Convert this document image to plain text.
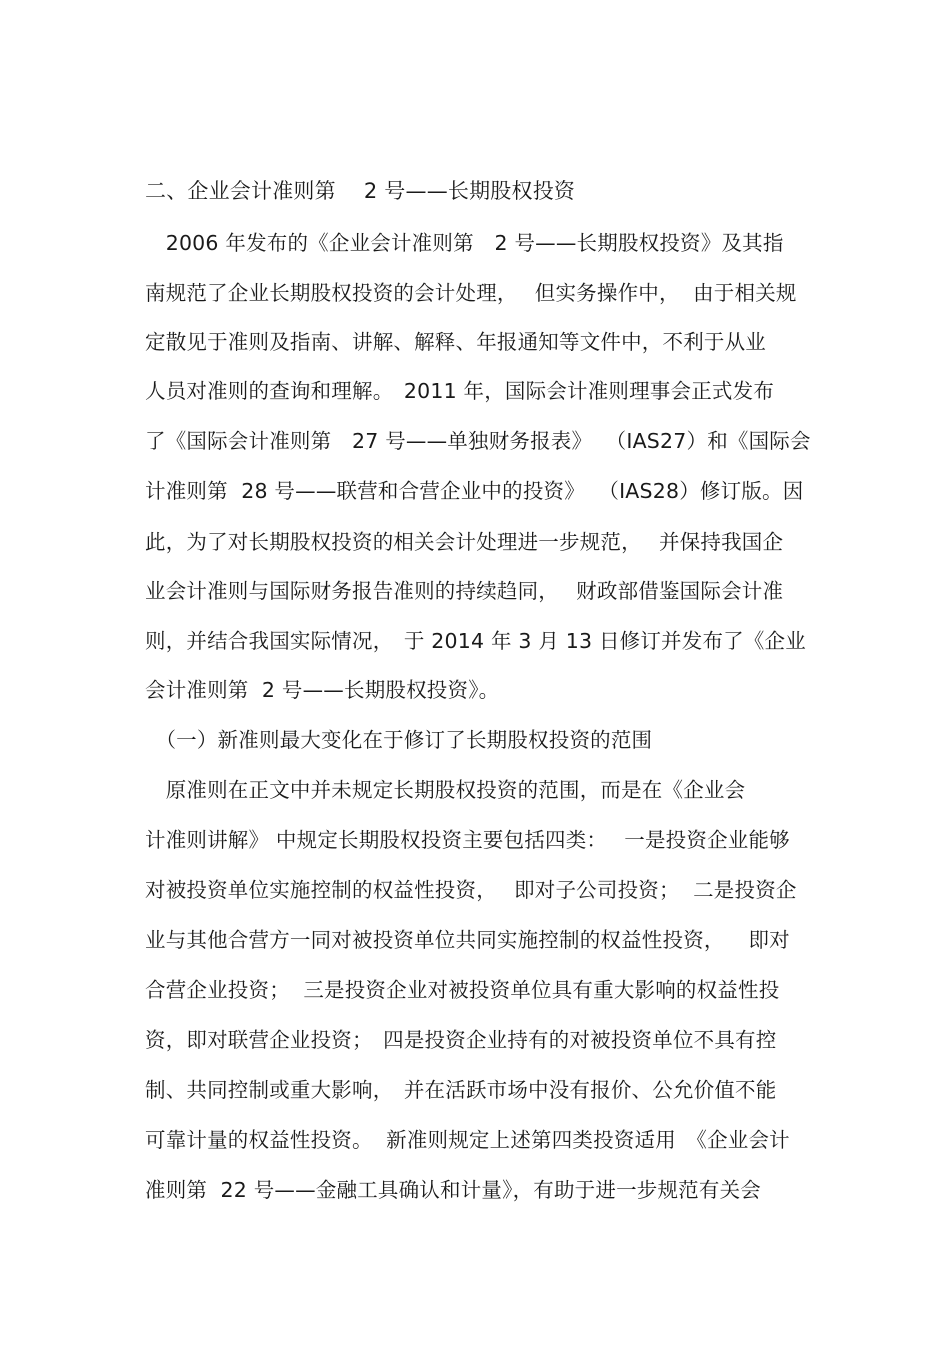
二、企业会计准则第　 2 号——长期股权投资
　2006 年发布的《企业会计准则第　2 号——长期股权投资》及其指
南规范了企业长期股权投资的会计处理，　 但实务操作中，  由于相关规
定散见于准则及指南、讲解、解释、年报通知等文件中，不利于从业
人员对准则的查询和理解。　2011 年，国际会计准则理事会正式发布
了《国际会计准则第　27 号——单独财务报表》  （IAS27）和《国际会
计准则第  28 号——联营和合营企业中的投资》  （IAS28）修订版。因
此，为了对长期股权投资的相关会计处理进一步规范，　 并保持我国企
业会计准则与国际财务报告准则的持续趋同，　 财政部借鉴国际会计准
则，并结合我国实际情况，　于 2014 年 3 月 13 日修订并发布了《企业
会计准则第  2 号——长期股权投资》。
　（一）新准则最大变化在于修订了长期股权投资的范围
　原准则在正文中并未规定长期股权投资的范围，而是在《企业会
计准则讲解》 中规定长期股权投资主要包括四类：　 一是投资企业能够
对被投资单位实施控制的权益性投资，　 即对子公司投资；  二是投资企
业与其他合营方一同对被投资单位共同实施控制的权益性投资，　  即对
合营企业投资；  三是投资企业对被投资单位具有重大影响的权益性投
资，即对联营企业投资；　四是投资企业持有的对被投资单位不具有控
制、共同控制或重大影响，　并在活跃市场中没有报价、公允价值不能
可靠计量的权益性投资。  新准则规定上述第四类投资适用　《企业会计
准则第  22 号——金融工具确认和计量》，有助于进一步规范有关会
